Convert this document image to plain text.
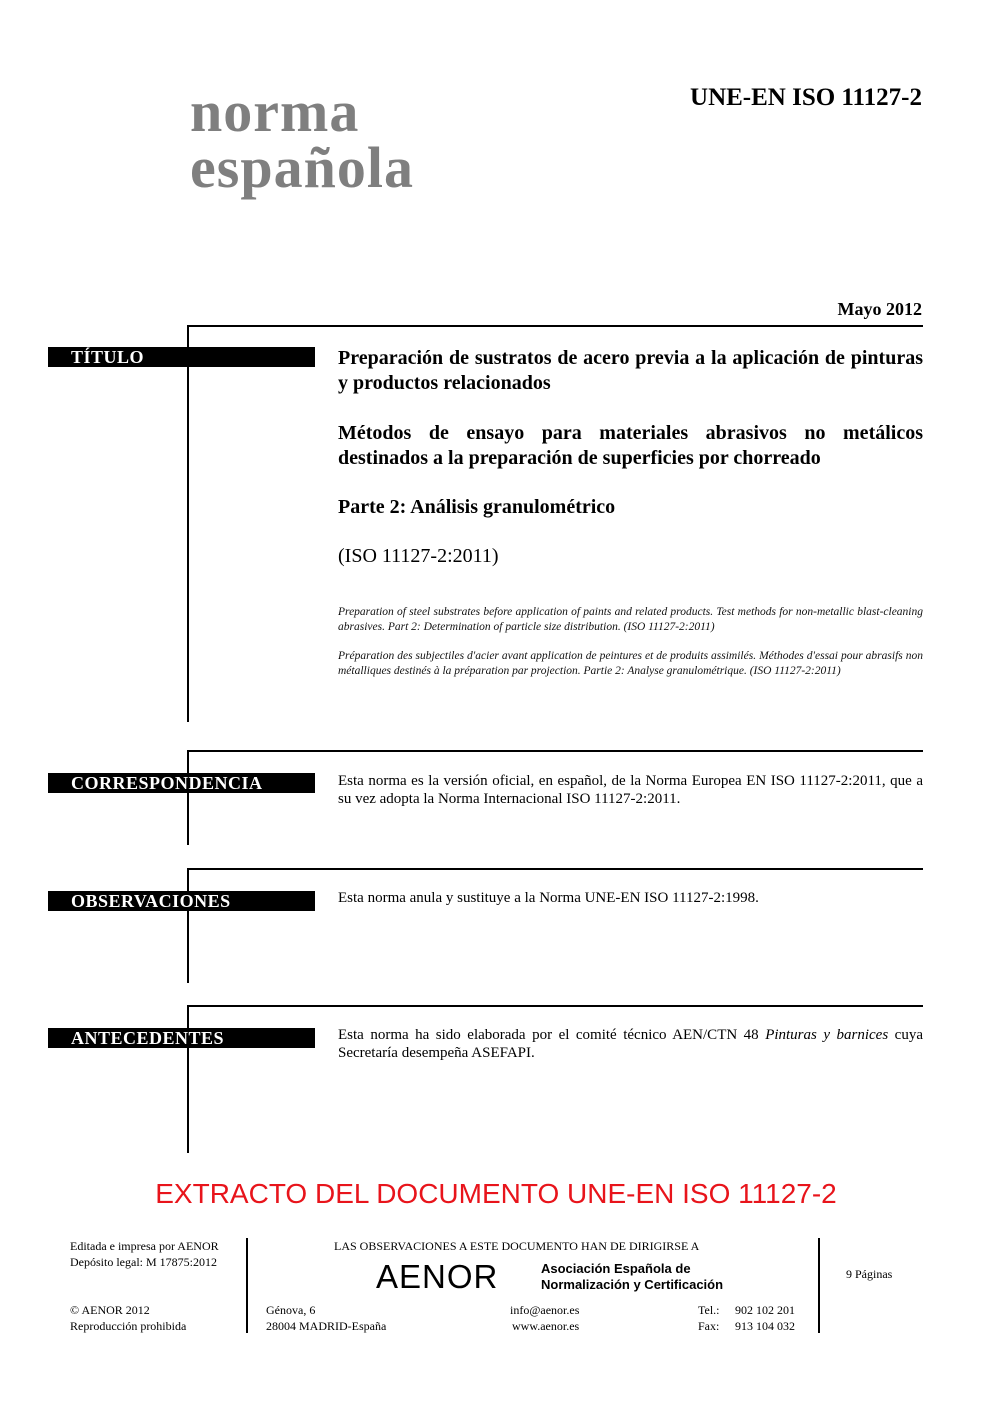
norma
española
UNE-EN ISO 11127-2
Mayo 2012
TÍTULO	Preparación de sustratos de acero previa a la aplicación de pinturas y productos relacionados

Métodos de ensayo para materiales abrasivos no metálicos destinados a la preparación de superficies por chorreado

Parte 2: Análisis granulométrico

(ISO 11127-2:2011)

Preparation of steel substrates before application of paints and related products. Test methods for non-metallic blast-cleaning abrasives. Part 2: Determination of particle size distribution. (ISO 11127-2:2011)

Préparation des subjectiles d'acier avant application de peintures et de produits assimilés. Méthodes d'essai pour abrasifs non métalliques destinés à la préparation par projection. Partie 2: Analyse granulométrique. (ISO 11127-2:2011)

CORRESPONDENCIA	Esta norma es la versión oficial, en español, de la Norma Europea EN ISO 11127-2:2011, que a su vez adopta la Norma Internacional ISO 11127-2:2011.
OBSERVACIONES	Esta norma anula y sustituye a la Norma UNE-EN ISO 11127-2:1998.
ANTECEDENTES	Esta norma ha sido elaborada por el comité técnico AEN/CTN 48 Pinturas y barnices cuya Secretaría desempeña ASEFAPI.
EXTRACTO DEL DOCUMENTO UNE-EN ISO 11127-2
Editada e impresa por AENOR
Depósito legal: M 17875:2012
© AENOR 2012
Reproducción prohibida
LAS OBSERVACIONES A ESTE DOCUMENTO HAN DE DIRIGIRSE A
AENOR	Asociación Española de
Normalización y Certificación
Génova, 6
28004 MADRID-España
info@aenor.es
www.aenor.es
Tel.: 902 102 201
Fax: 913 104 032
9 Páginas
